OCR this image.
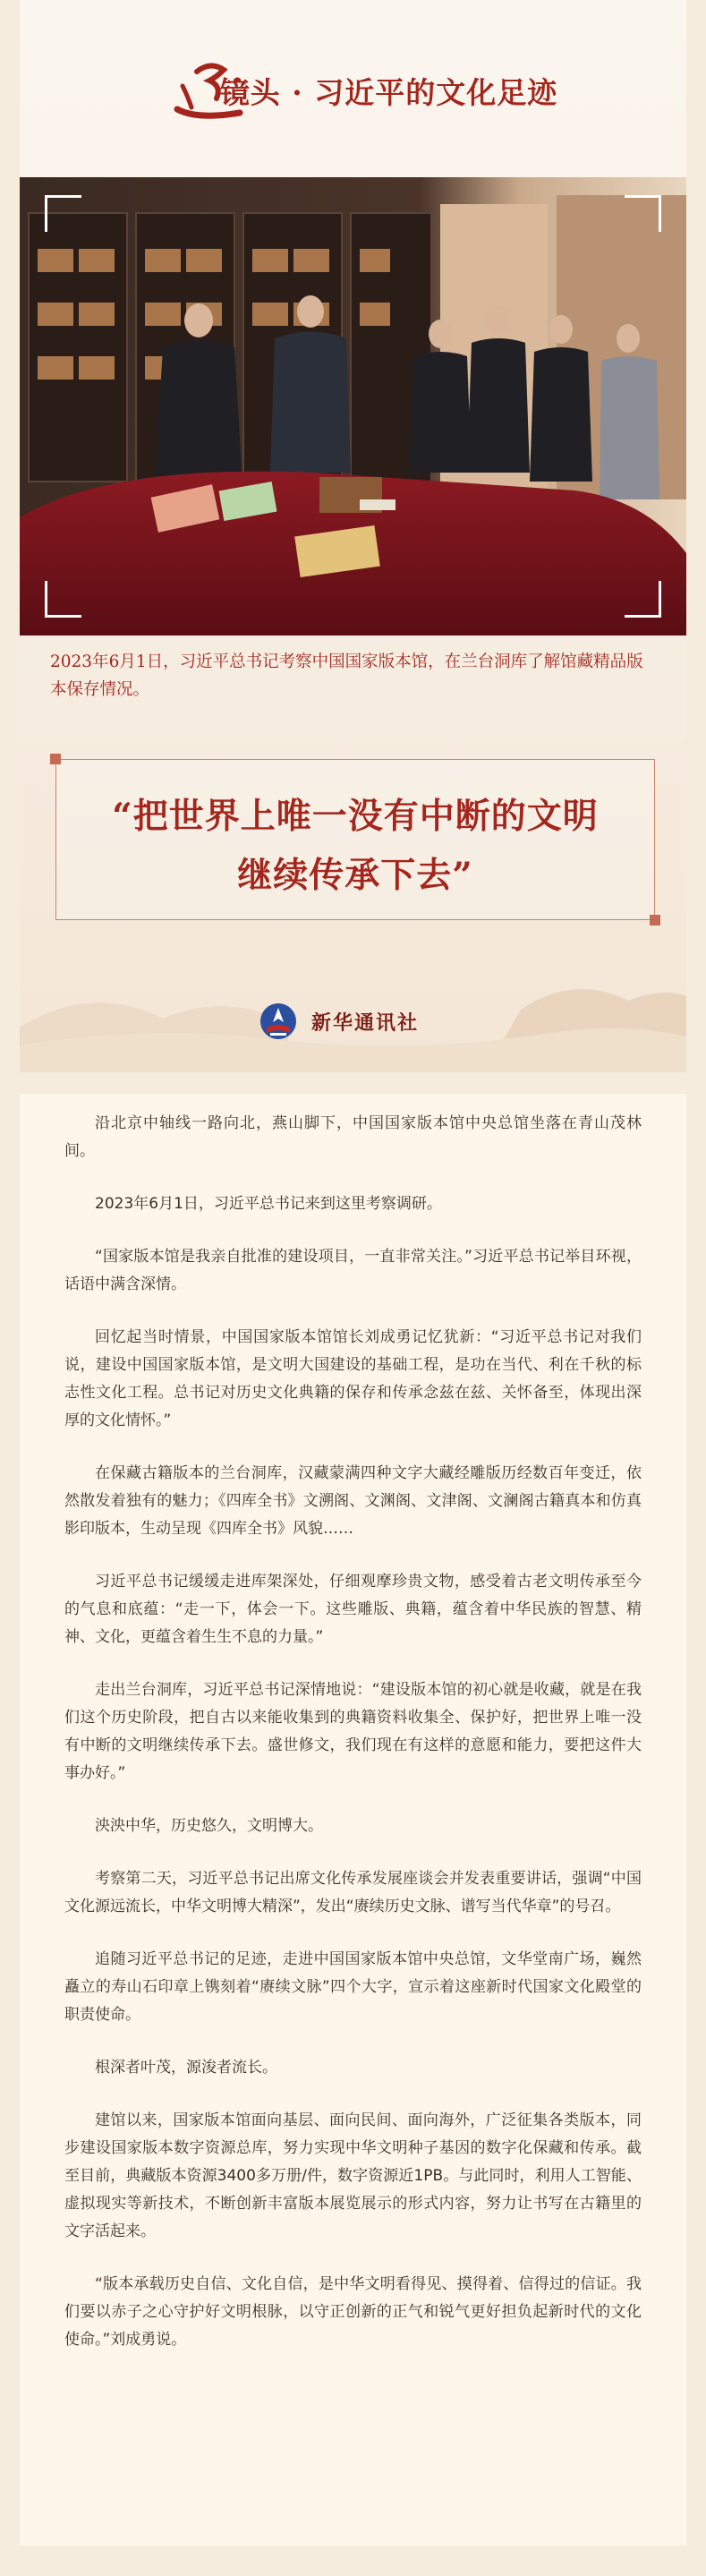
镜头 · 习近平的文化足迹
2023年6月1日，习近平总书记考察中国国家版本馆，在兰台洞库了解馆藏精品版本保存情况。
“把世界上唯一没有中断的文明
继续传承下去”
新华通讯社

沿北京中轴线一路向北，燕山脚下，中国国家版本馆中央总馆坐落在青山茂林间。

2023年6月1日，习近平总书记来到这里考察调研。

“国家版本馆是我亲自批准的建设项目，一直非常关注。”习近平总书记举目环视，话语中满含深情。

回忆起当时情景，中国国家版本馆馆长刘成勇记忆犹新：“习近平总书记对我们说，建设中国国家版本馆，是文明大国建设的基础工程，是功在当代、利在千秋的标志性文化工程。总书记对历史文化典籍的保存和传承念兹在兹、关怀备至，体现出深厚的文化情怀。”

在保藏古籍版本的兰台洞库，汉藏蒙满四种文字大藏经雕版历经数百年变迁，依然散发着独有的魅力；《四库全书》文溯阁、文渊阁、文津阁、文澜阁古籍真本和仿真影印版本，生动呈现《四库全书》风貌……

习近平总书记缓缓走进库架深处，仔细观摩珍贵文物，感受着古老文明传承至今的气息和底蕴：“走一下，体会一下。这些雕版、典籍，蕴含着中华民族的智慧、精神、文化，更蕴含着生生不息的力量。”

走出兰台洞库，习近平总书记深情地说：“建设版本馆的初心就是收藏，就是在我们这个历史阶段，把自古以来能收集到的典籍资料收集全、保护好，把世界上唯一没有中断的文明继续传承下去。盛世修文，我们现在有这样的意愿和能力，要把这件大事办好。”

泱泱中华，历史悠久，文明博大。

考察第二天，习近平总书记出席文化传承发展座谈会并发表重要讲话，强调“中国文化源远流长，中华文明博大精深”，发出“赓续历史文脉、谱写当代华章”的号召。

追随习近平总书记的足迹，走进中国国家版本馆中央总馆，文华堂南广场，巍然矗立的寿山石印章上镌刻着“赓续文脉”四个大字，宣示着这座新时代国家文化殿堂的职责使命。

根深者叶茂，源浚者流长。

建馆以来，国家版本馆面向基层、面向民间、面向海外，广泛征集各类版本，同步建设国家版本数字资源总库，努力实现中华文明种子基因的数字化保藏和传承。截至目前，典藏版本资源3400多万册/件，数字资源近1PB。与此同时，利用人工智能、虚拟现实等新技术，不断创新丰富版本展览展示的形式内容，努力让书写在古籍里的文字活起来。

“版本承载历史自信、文化自信，是中华文明看得见、摸得着、信得过的信证。我们要以赤子之心守护好文明根脉，以守正创新的正气和锐气更好担负起新时代的文化使命。”刘成勇说。
